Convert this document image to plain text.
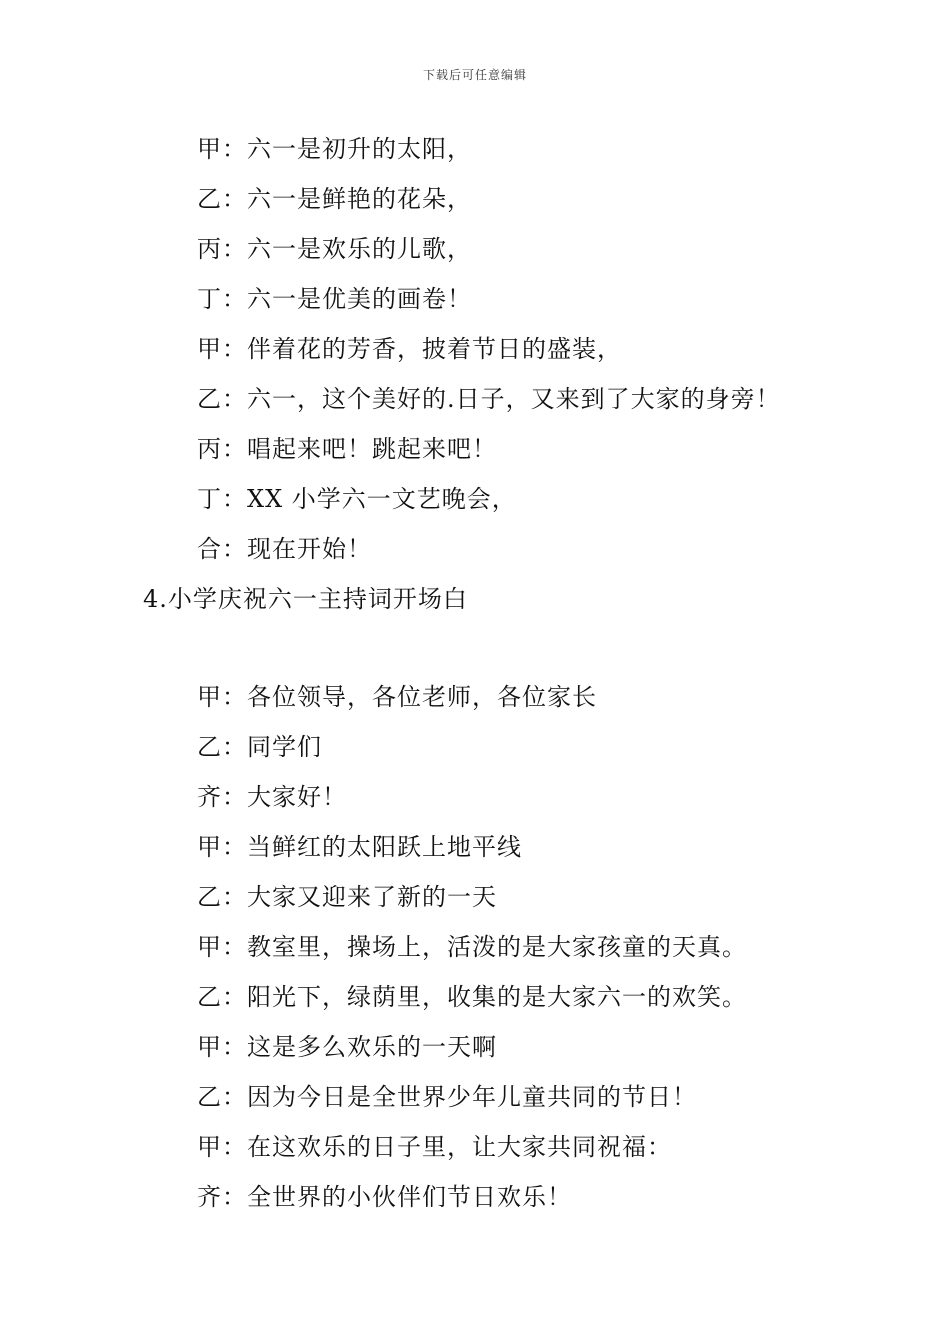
下载后可任意编辑
甲：六一是初升的太阳，
乙：六一是鲜艳的花朵，
丙：六一是欢乐的儿歌，
丁：六一是优美的画卷！
甲：伴着花的芳香，披着节日的盛装，
乙：六一，这个美好的.日子，又来到了大家的身旁！
丙：唱起来吧！跳起来吧！
丁：XX 小学六一文艺晚会，
合：现在开始！
4.小学庆祝六一主持词开场白
甲：各位领导，各位老师，各位家长
乙：同学们
齐：大家好！
甲：当鲜红的太阳跃上地平线
乙：大家又迎来了新的一天
甲：教室里，操场上，活泼的是大家孩童的天真。
乙：阳光下，绿荫里，收集的是大家六一的欢笑。
甲：这是多么欢乐的一天啊
乙：因为今日是全世界少年儿童共同的节日！
甲：在这欢乐的日子里，让大家共同祝福：
齐：全世界的小伙伴们节日欢乐！
